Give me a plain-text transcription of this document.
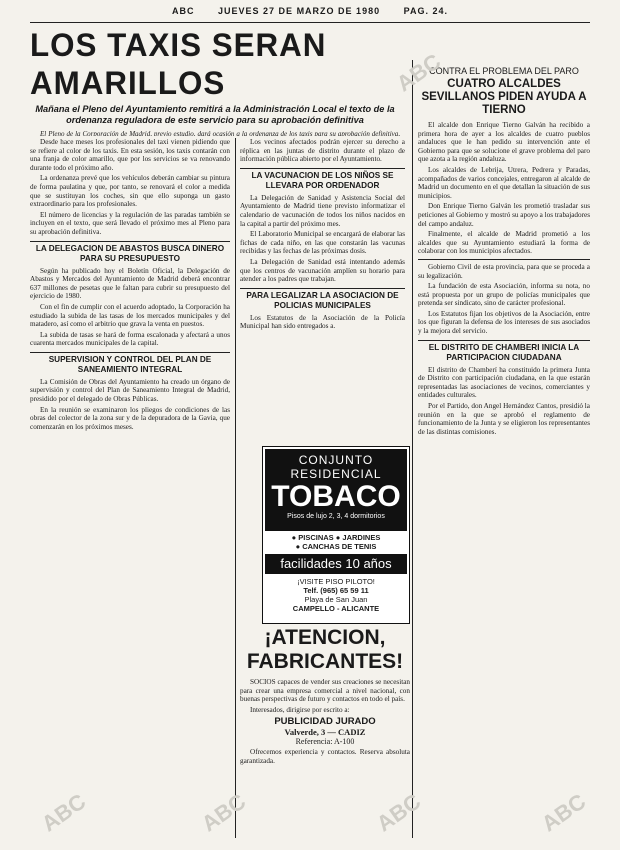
ABC	JUEVES 27 DE MARZO DE 1980	PAG. 24.
LOS TAXIS SERAN AMARILLOS
Mañana el Pleno del Ayuntamiento remitirá a la Administración Local el texto de la ordenanza reguladora de este servicio para su aprobación definitiva

El Pleno de la Corporación de Madrid, previo estudio, dará ocasión a la ordenanza de los taxis para su aprobación definitiva,

Desde hace meses los profesionales del taxi vienen pidiendo que se refiere al color de los taxis. En esta sesión, los taxis contarán con una franja de color amarillo, que por los servicios se va renovando durante todo el próximo año.

La ordenanza prevé que los vehículos deberán cambiar su pintura de forma paulatina y que, por tanto, se renovará el color a medida que se sustituyan los coches, sin que ello suponga un gasto extraordinario para los profesionales.

El número de licencias y la regulación de las paradas también se incluyen en el texto, que será llevado el próximo mes al Pleno para su aprobación definitiva.

LA DELEGACION DE ABASTOS BUSCA DINERO PARA SU PRESUPUESTO

Según ha publicado hoy el Boletín Oficial, la Delegación de Abastos y Mercados del Ayuntamiento de Madrid deberá encontrar 637 millones de pesetas que le faltan para cubrir su presupuesto del ejercicio de 1980.

Con el fin de cumplir con el acuerdo adoptado, la Corporación ha estudiado la subida de las tasas de los mercados municipales y del matadero, así como el arbitrio que grava la venta en puestos.

La subida de tasas se hará de forma escalonada y afectará a unos cuarenta mercados municipales de la capital.

SUPERVISION Y CONTROL DEL PLAN DE SANEAMIENTO INTEGRAL

La Comisión de Obras del Ayuntamiento ha creado un órgano de supervisión y control del Plan de Saneamiento Integral de Madrid, presidido por el delegado de Obras Públicas.

En la reunión se examinaron los pliegos de condiciones de las obras del colector de la zona sur y de la depuradora de la Gavia, que comenzarán en los próximos meses.

Los vecinos afectados podrán ejercer su derecho a réplica en las juntas de distrito durante el plazo de información pública abierto por el Ayuntamiento.

LA VACUNACION DE LOS NIÑOS SE LLEVARA POR ORDENADOR

La Delegación de Sanidad y Asistencia Social del Ayuntamiento de Madrid tiene previsto informatizar el calendario de vacunación de todos los niños nacidos en la capital a partir del próximo mes.

El Laboratorio Municipal se encargará de elaborar las fichas de cada niño, en las que constarán las vacunas recibidas y las fechas de las próximas dosis.

La Delegación de Sanidad está intentando además que los centros de vacunación amplíen su horario para atender a los padres que trabajan.

PARA LEGALIZAR LA ASOCIACION DE POLICIAS MUNICIPALES

Los Estatutos de la Asociación de la Policía Municipal han sido entregados a.

CONJUNTO
RESIDENCIAL
TOBACO
Pisos de lujo 2, 3, 4 dormitorios
● PISCINAS ● JARDINES
● CANCHAS DE TENIS
facilidades 10 años
¡VISITE PISO PILOTO!
Telf. (965) 65 59 11
Playa de San Juan
CAMPELLO - ALICANTE
¡ATENCION,
FABRICANTES!

SOCIOS capaces de vender sus creaciones se necesitan para crear una empresa comercial a nivel nacional, con buenas perspectivas de futuro y contactos en todo el país.

Interesados, dirigirse por escrito a:

PUBLICIDAD JURADO
Valverde, 3 — CADIZ
Referencia: A-100

Ofrecemos experiencia y contactos. Reserva absoluta garantizada.

CONTRA EL PROBLEMA DEL PARO
CUATRO ALCALDES SEVILLANOS PIDEN AYUDA A TIERNO

El alcalde don Enrique Tierno Galván ha recibido a primera hora de ayer a los alcaldes de cuatro pueblos andaluces que le han pedido su intervención ante el Gobierno para que se solucione el grave problema del paro que azota a la región andaluza.

Los alcaldes de Lebrija, Utrera, Pedrera y Paradas, acompañados de varios concejales, entregaron al alcalde de Madrid un documento en el que detallan la situación de sus municipios.

Don Enrique Tierno Galván les prometió trasladar sus peticiones al Gobierno y mostró su apoyo a los trabajadores del campo andaluz.

Finalmente, el alcalde de Madrid prometió a los alcaldes que su Ayuntamiento estudiará la forma de colaborar con los municipios afectados.

Gobierno Civil de esta provincia, para que se proceda a su legalización.

La fundación de esta Asociación, informa su nota, no está propuesta por un grupo de policías municipales que pretenda ser sindicato, sino de carácter profesional.

Los Estatutos fijan los objetivos de la Asociación, entre los que figuran la defensa de los intereses de sus asociados y la mejora del servicio.

EL DISTRITO DE CHAMBERI INICIA LA PARTICIPACION CIUDADANA

El distrito de Chamberí ha constituido la primera Junta de Distrito con participación ciudadana, en la que estarán representadas las asociaciones de vecinos, comerciantes y entidades culturales.

Por el Partido, don Angel Hernández Cantos, presidió la reunión en la que se aprobó el reglamento de funcionamiento de la Junta y se eligieron los representantes de las distintas comisiones.

ABC
ABC	ABC	ABC	ABC
